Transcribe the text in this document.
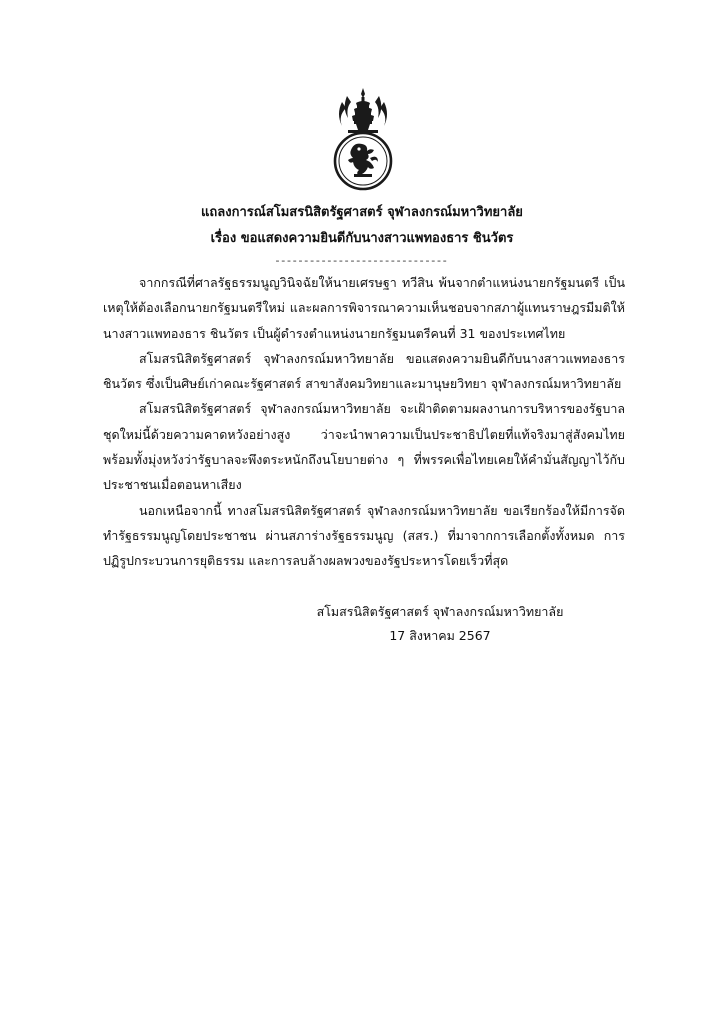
แถลงการณ์สโมสรนิสิตรัฐศาสตร์ จุฬาลงกรณ์มหาวิทยาลัย
เรื่อง ขอแสดงความยินดีกับนางสาวแพทองธาร ชินวัตร
------------------------------

จากกรณีที่ศาลรัฐธรรมนูญวินิจฉัยให้นายเศรษฐา ทวีสิน พ้นจากตำแหน่งนายกรัฐมนตรี เป็นเหตุให้ต้องเลือกนายกรัฐมนตรีใหม่ และผลการพิจารณาความเห็นชอบจากสภาผู้แทนราษฎรมีมติให้ นางสาวแพทองธาร ชินวัตร เป็นผู้ดำรงตำแหน่งนายกรัฐมนตรีคนที่ 31 ของประเทศไทย

สโมสรนิสิตรัฐศาสตร์ จุฬาลงกรณ์มหาวิทยาลัย ขอแสดงความยินดีกับนางสาวแพทองธาร ชินวัตร ซึ่งเป็นศิษย์เก่าคณะรัฐศาสตร์ สาขาสังคมวิทยาและมานุษยวิทยา จุฬาลงกรณ์มหาวิทยาลัย

สโมสรนิสิตรัฐศาสตร์ จุฬาลงกรณ์มหาวิทยาลัย จะเฝ้าติดตามผลงานการบริหารของรัฐบาลชุดใหม่นี้ด้วยความคาดหวังอย่างสูง ว่าจะนำพาความเป็นประชาธิปไตยที่แท้จริงมาสู่สังคมไทย พร้อมทั้งมุ่งหวังว่ารัฐบาลจะพึงตระหนักถึงนโยบายต่าง ๆ ที่พรรคเพื่อไทยเคยให้คำมั่นสัญญาไว้กับประชาชนเมื่อตอนหาเสียง

นอกเหนือจากนี้ ทางสโมสรนิสิตรัฐศาสตร์ จุฬาลงกรณ์มหาวิทยาลัย ขอเรียกร้องให้มีการจัดทำรัฐธรรมนูญโดยประชาชน ผ่านสภาร่างรัฐธรรมนูญ (สสร.) ที่มาจากการเลือกตั้งทั้งหมด การปฏิรูปกระบวนการยุติธรรม และการลบล้างผลพวงของรัฐประหารโดยเร็วที่สุด

สโมสรนิสิตรัฐศาสตร์ จุฬาลงกรณ์มหาวิทยาลัย
17 สิงหาคม 2567
